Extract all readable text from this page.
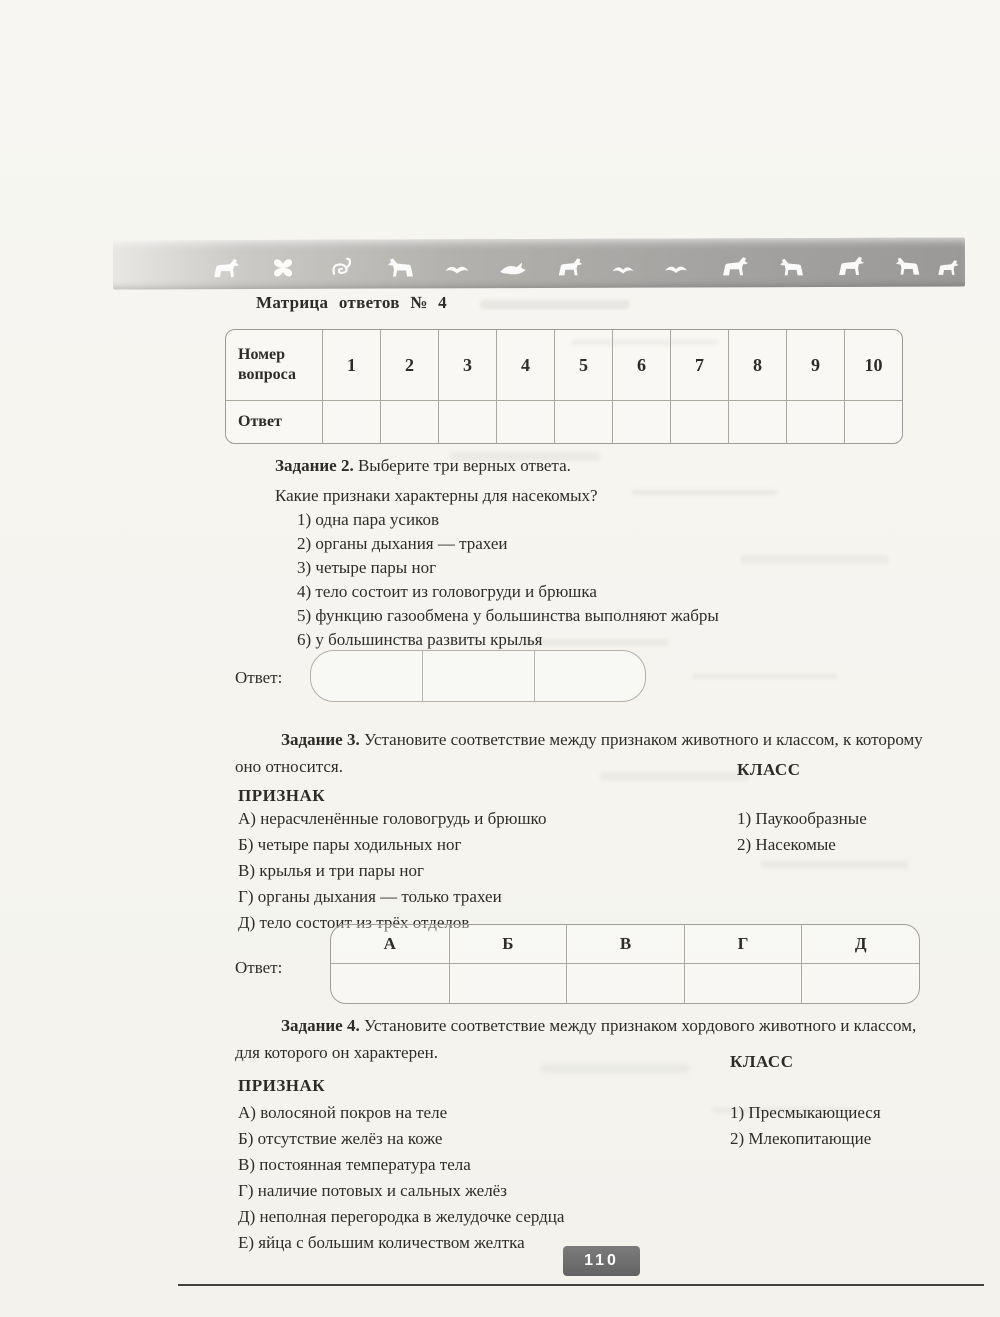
Матрица ответов № 4
Номер вопроса	1	2	3	4	5	6	7	8	9	10
Ответ
Задание 2. Выберите три верных ответа.
Какие признаки характерны для насекомых?
1) одна пара усиков
2) органы дыхания — трахеи
3) четыре пары ног
4) тело состоит из головогруди и брюшка
5) функцию газообмена у большинства выполняют жабры
6) у большинства развиты крылья
Ответ:
Задание 3. Установите соответствие между признаком животного и классом, к которому оно относится.	КЛАСС
ПРИЗНАК
А) нерасчленённые головогрудь и брюшко
Б) четыре пары ходильных ног
В) крылья и три пары ног
Г) органы дыхания — только трахеи
Д) тело состоит из трёх отделов
1) Паукообразные
2) Насекомые
Ответ:
А	Б	В	Г	Д
Задание 4. Установите соответствие между признаком хордового животного и классом, для которого он характерен.	КЛАСС
ПРИЗНАК
А) волосяной покров на теле
Б) отсутствие желёз на коже
В) постоянная температура тела
Г) наличие потовых и сальных желёз
Д) неполная перегородка в желудочке сердца
Е) яйца с большим количеством желтка
1) Пресмыкающиеся
2) Млекопитающие
110
